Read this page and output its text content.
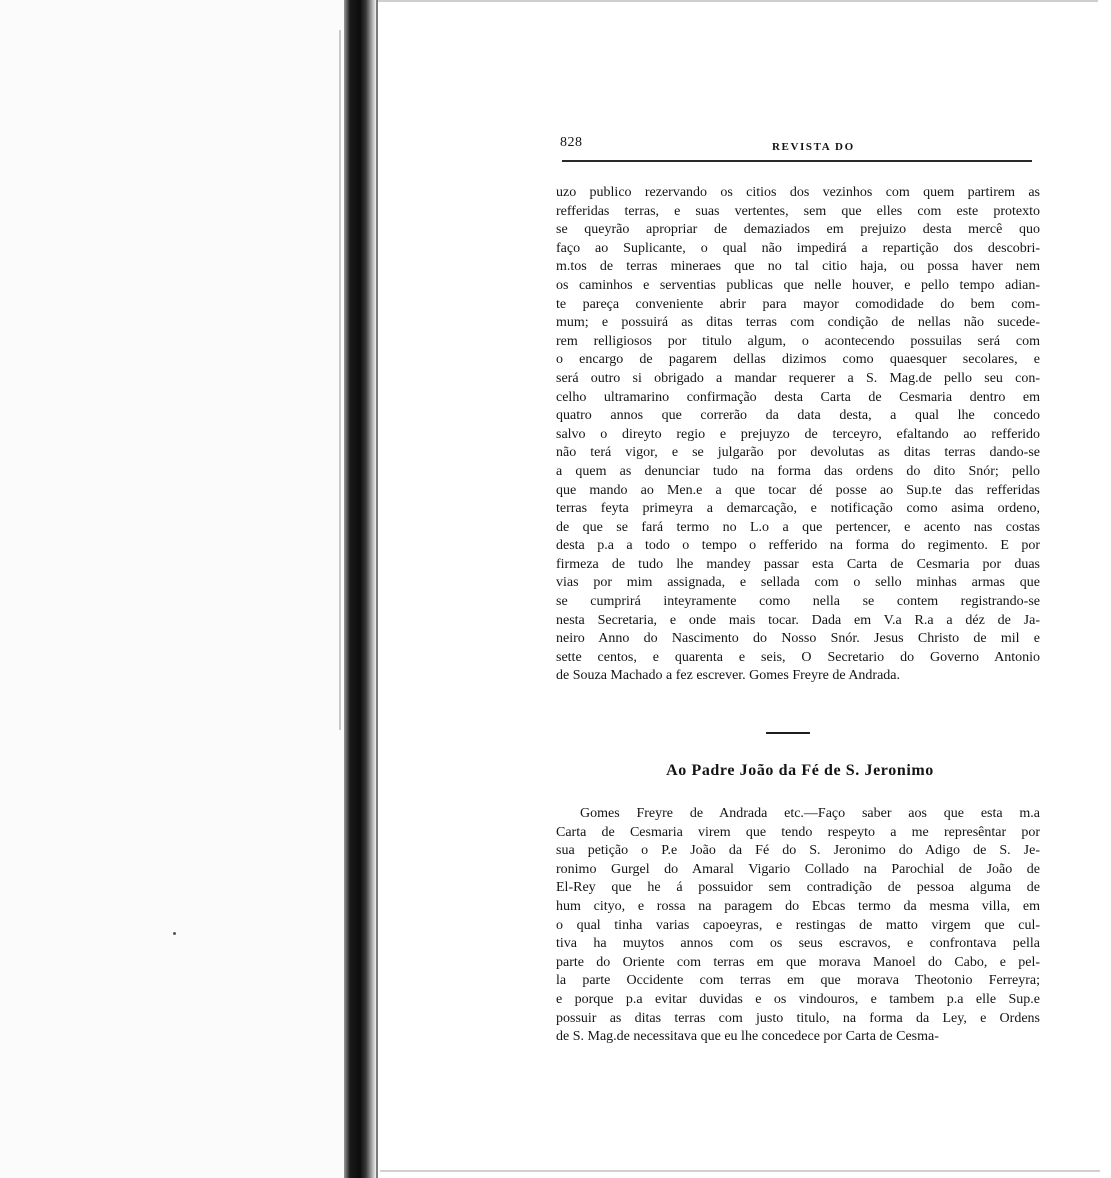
828	REVISTA DO
uzo publico rezervando os citios dos vezinhos com quem partirem as
refferidas terras, e suas vertentes, sem que elles com este protexto
se queyrão apropriar de demaziados em prejuizo desta mercê quo
faço ao Suplicante, o qual não impedirá a repartição dos descobri-
m.tos de terras mineraes que no tal citio haja, ou possa haver nem
os caminhos e serventias publicas que nelle houver, e pello tempo adian-
te pareça conveniente abrir para mayor comodidade do bem com-
mum; e possuirá as ditas terras com condição de nellas não sucede-
rem relligiosos por titulo algum, o acontecendo possuilas será com
o encargo de pagarem dellas dizimos como quaesquer secolares, e
será outro si obrigado a mandar requerer a S. Mag.de pello seu con-
celho ultramarino confirmação desta Carta de Cesmaria dentro em
quatro annos que correrão da data desta, a qual lhe concedo
salvo o direyto regio e prejuyzo de terceyro, efaltando ao refferido
não terá vigor, e se julgarão por devolutas as ditas terras dando-se
a quem as denunciar tudo na forma das ordens do dito Snór; pello
que mando ao Men.e a que tocar dé posse ao Sup.te das refferidas
terras feyta primeyra a demarcação, e notificação como asima ordeno,
de que se fará termo no L.o a que pertencer, e acento nas costas
desta p.a a todo o tempo o refferido na forma do regimento. E por
firmeza de tudo lhe mandey passar esta Carta de Cesmaria por duas
vias por mim assignada, e sellada com o sello minhas armas que
se cumprirá inteyramente como nella se contem registrando-se
nesta Secretaria, e onde mais tocar. Dada em V.a R.a a déz de Ja-
neiro Anno do Nascimento do Nosso Snór. Jesus Christo de mil e
sette centos, e quarenta e seis, O Secretario do Governo Antonio
de Souza Machado a fez escrever. Gomes Freyre de Andrada.
Ao Padre João da Fé de S. Jeronimo
Gomes Freyre de Andrada etc.—Faço saber aos que esta m.a
Carta de Cesmaria virem que tendo respeyto a me represêntar por
sua petição o P.e João da Fé do S. Jeronimo do Adigo de S. Je-
ronimo Gurgel do Amaral Vigario Collado na Parochial de João de
El-Rey que he á possuidor sem contradição de pessoa alguma de
hum cityo, e rossa na paragem do Ebcas termo da mesma villa, em
o qual tinha varias capoeyras, e restingas de matto virgem que cul-
tiva ha muytos annos com os seus escravos, e confrontava pella
parte do Oriente com terras em que morava Manoel do Cabo, e pel-
la parte Occidente com terras em que morava Theotonio Ferreyra;
e porque p.a evitar duvidas e os vindouros, e tambem p.a elle Sup.e
possuir as ditas terras com justo titulo, na forma da Ley, e Ordens
de S. Mag.de necessitava que eu lhe concedece por Carta de Cesma-
